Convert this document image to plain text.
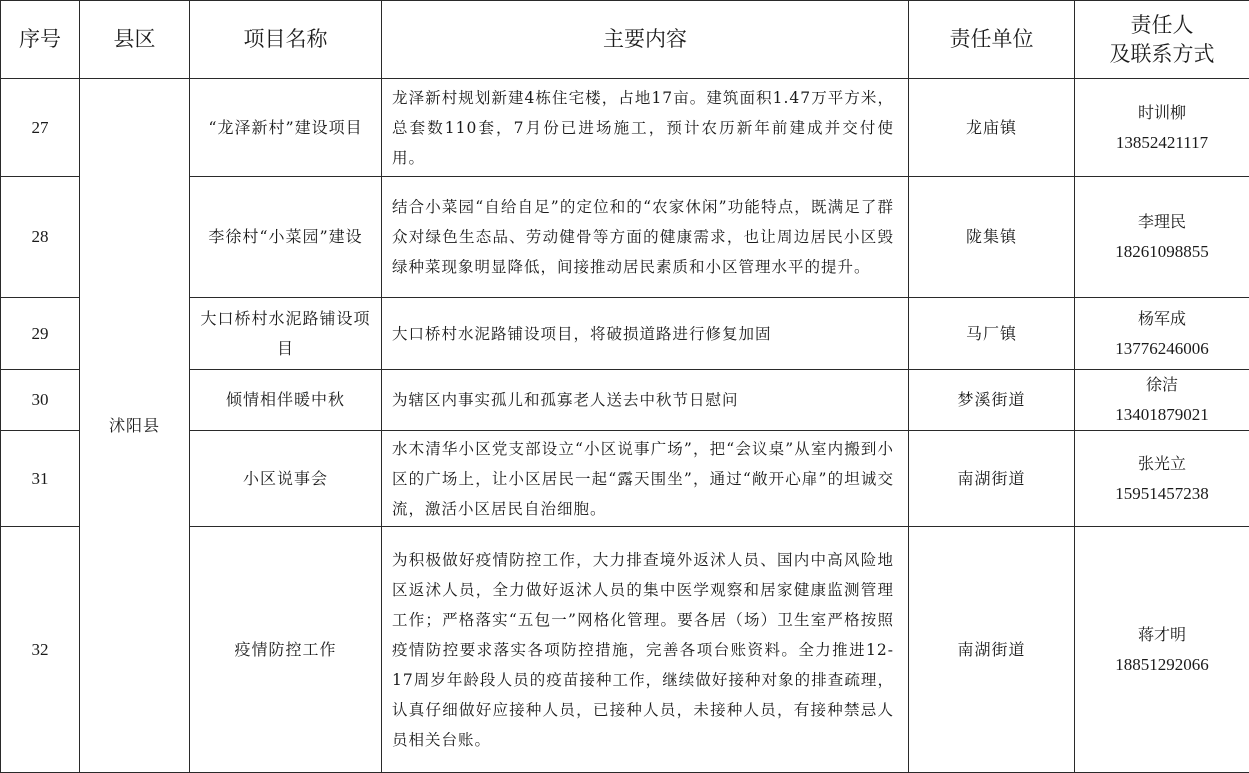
序号	县区	项目名称	主要内容	责任单位	责任人
及联系方式

27	沭阳县	“龙泽新村”建设项目	龙泽新村规划新建4栋住宅楼，占地17亩。建筑面积1.47万平方米，总套数110套，7月份已进场施工，预计农历新年前建成并交付使用。	龙庙镇	时训柳
13852421117

28		李徐村“小菜园”建设	结合小菜园“自给自足”的定位和的“农家休闲”功能特点，既满足了群众对绿色生态品、劳动健骨等方面的健康需求，也让周边居民小区毁绿种菜现象明显降低，间接推动居民素质和小区管理水平的提升。	陇集镇	李理民
18261098855

29		大口桥村水泥路铺设项目	大口桥村水泥路铺设项目，将破损道路进行修复加固	马厂镇	杨军成
13776246006

30		倾情相伴暖中秋	为辖区内事实孤儿和孤寡老人送去中秋节日慰问	梦溪街道	徐洁
13401879021

31		小区说事会	水木清华小区党支部设立“小区说事广场”，把“会议桌”从室内搬到小区的广场上，让小区居民一起“露天围坐”，通过“敞开心扉”的坦诚交流，激活小区居民自治细胞。	南湖街道	张光立
15951457238

32		疫情防控工作	为积极做好疫情防控工作，大力排查境外返沭人员、国内中高风险地区返沭人员，全力做好返沭人员的集中医学观察和居家健康监测管理工作；严格落实“五包一”网格化管理。要各居（场）卫生室严格按照疫情防控要求落实各项防控措施，完善各项台账资料。全力推进12-17周岁年龄段人员的疫苗接种工作，继续做好接种对象的排查疏理，认真仔细做好应接种人员，已接种人员，未接种人员，有接种禁忌人员相关台账。	南湖街道	蒋才明
18851292066
